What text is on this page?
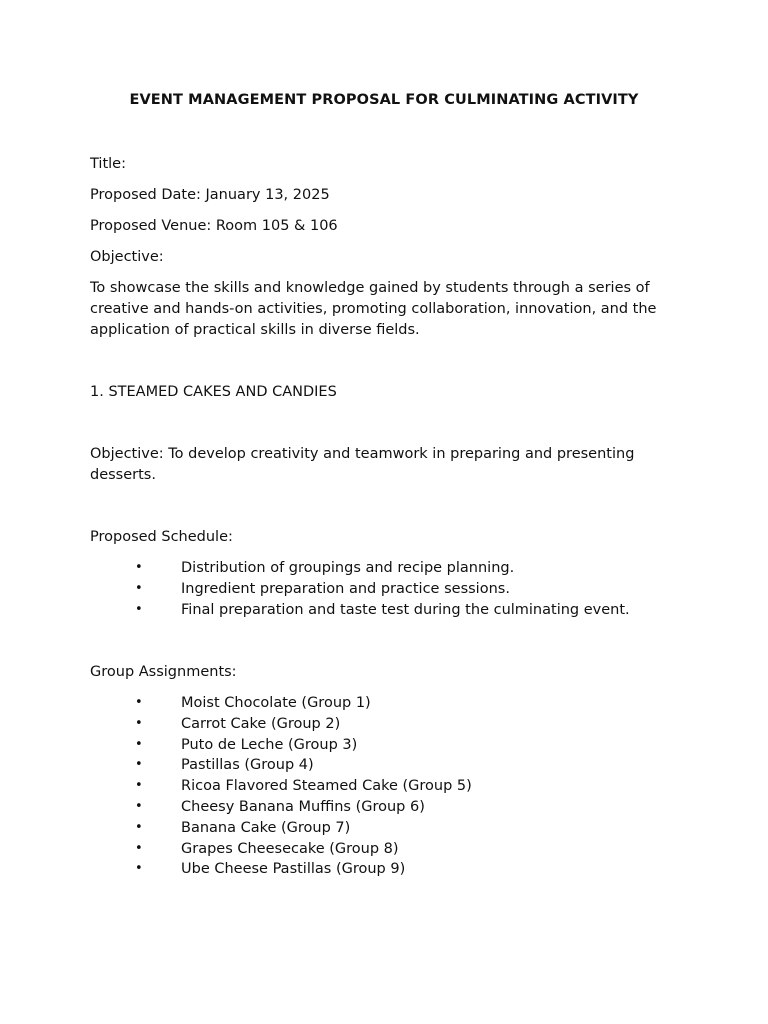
EVENT MANAGEMENT PROPOSAL FOR CULMINATING ACTIVITY

Title:

Proposed Date: January 13, 2025

Proposed Venue: Room 105 & 106

Objective:

To showcase the skills and knowledge gained by students through a series of creative and hands-on activities, promoting collaboration, innovation, and the application of practical skills in diverse fields.

1. STEAMED CAKES AND CANDIES

Objective: To develop creativity and teamwork in preparing and presenting desserts.

Proposed Schedule:

•	Distribution of groupings and recipe planning.
•	Ingredient preparation and practice sessions.
•	Final preparation and taste test during the culminating event.

Group Assignments:

•	Moist Chocolate (Group 1)
•	Carrot Cake (Group 2)
•	Puto de Leche (Group 3)
•	Pastillas (Group 4)
•	Ricoa Flavored Steamed Cake (Group 5)
•	Cheesy Banana Muffins (Group 6)
•	Banana Cake (Group 7)
•	Grapes Cheesecake (Group 8)
•	Ube Cheese Pastillas (Group 9)
